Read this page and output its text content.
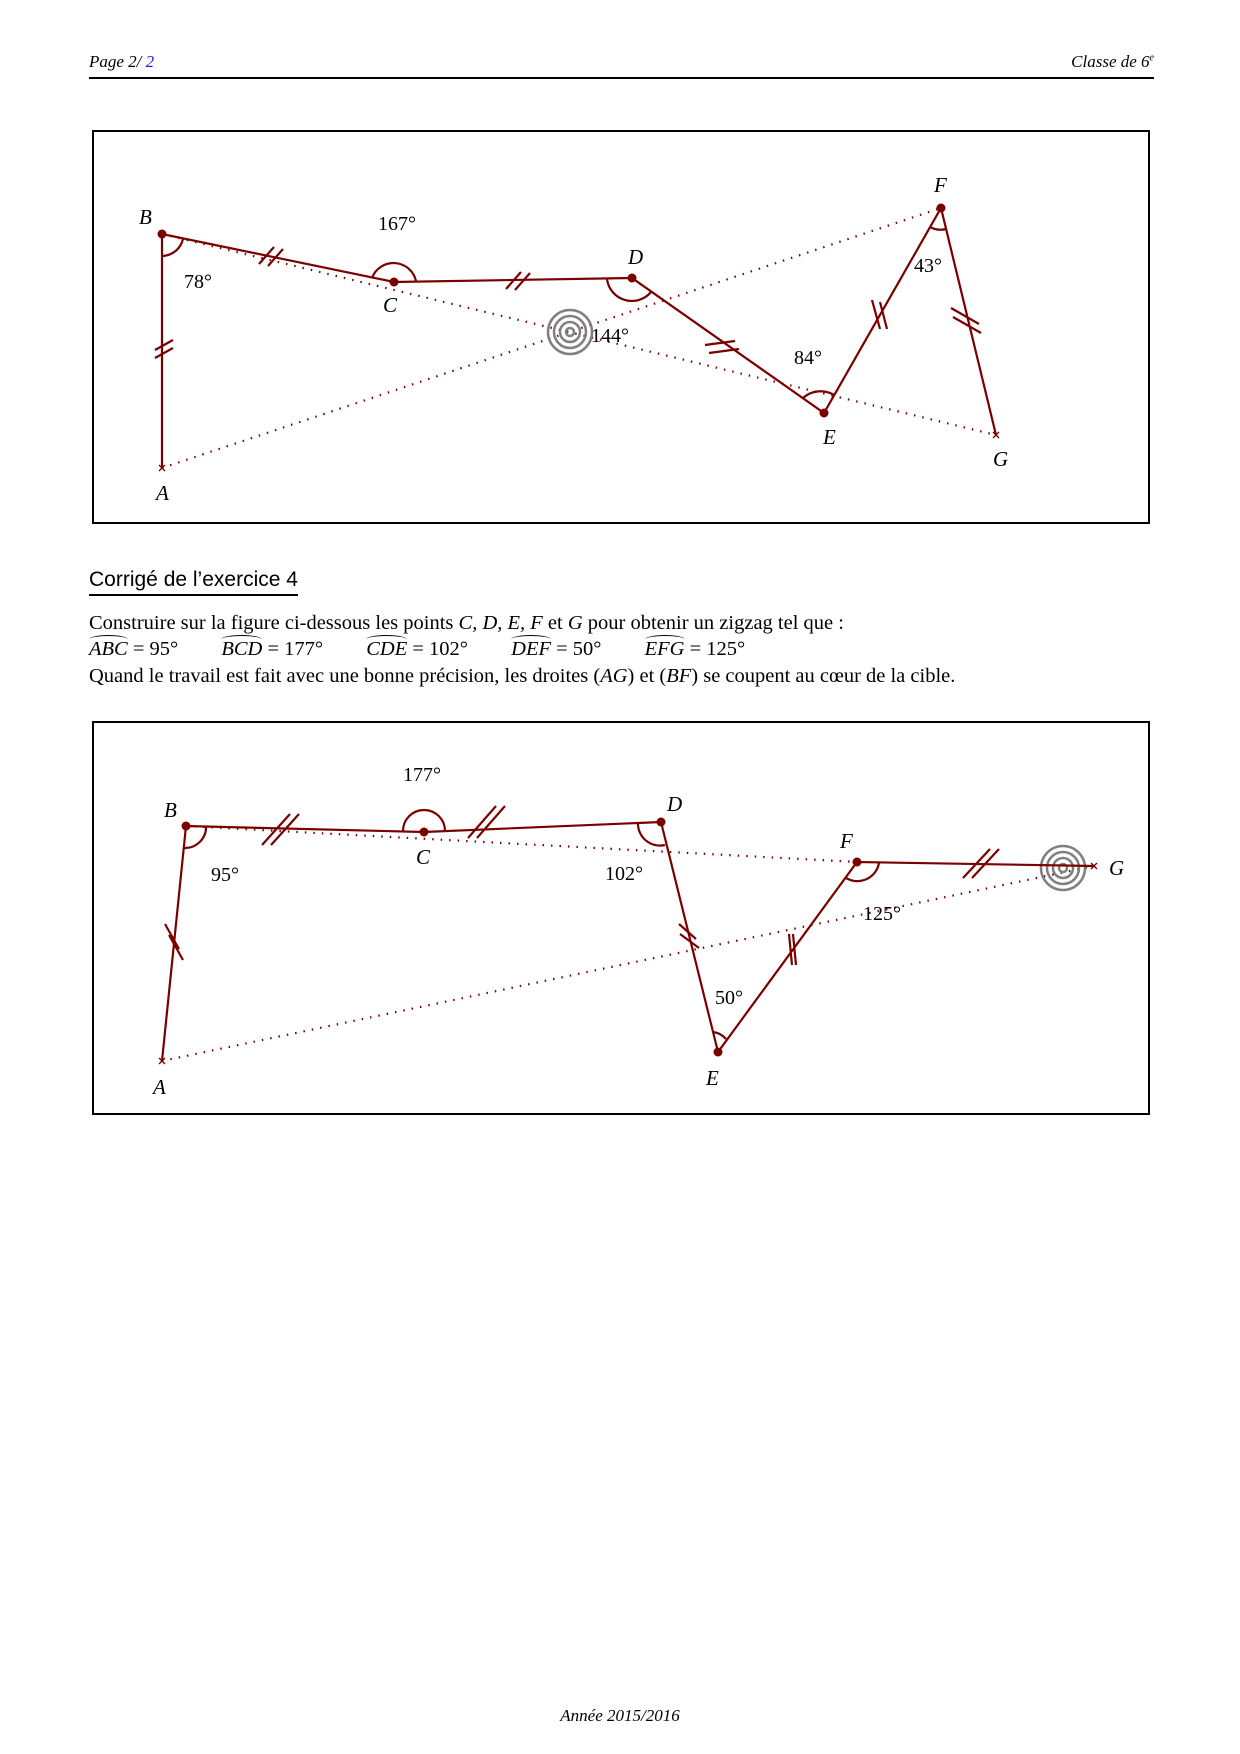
Page 2/ 2	Classe de 6e
A
B
C
D
E
F
G
78°
167°
144°
84°
43°
Corrigé de l’exercice 4
Construire sur la figure ci-dessous les points C, D, E, F et G pour obtenir un zigzag tel que :
ABC = 95° BCD = 177° CDE = 102° DEF = 50° EFG = 125°
Quand le travail est fait avec une bonne précision, les droites (AG) et (BF) se coupent au cœur de la cible.
A
B
C
D
E
F
G
95°
177°
102°
50°
125°
Année 2015/2016
